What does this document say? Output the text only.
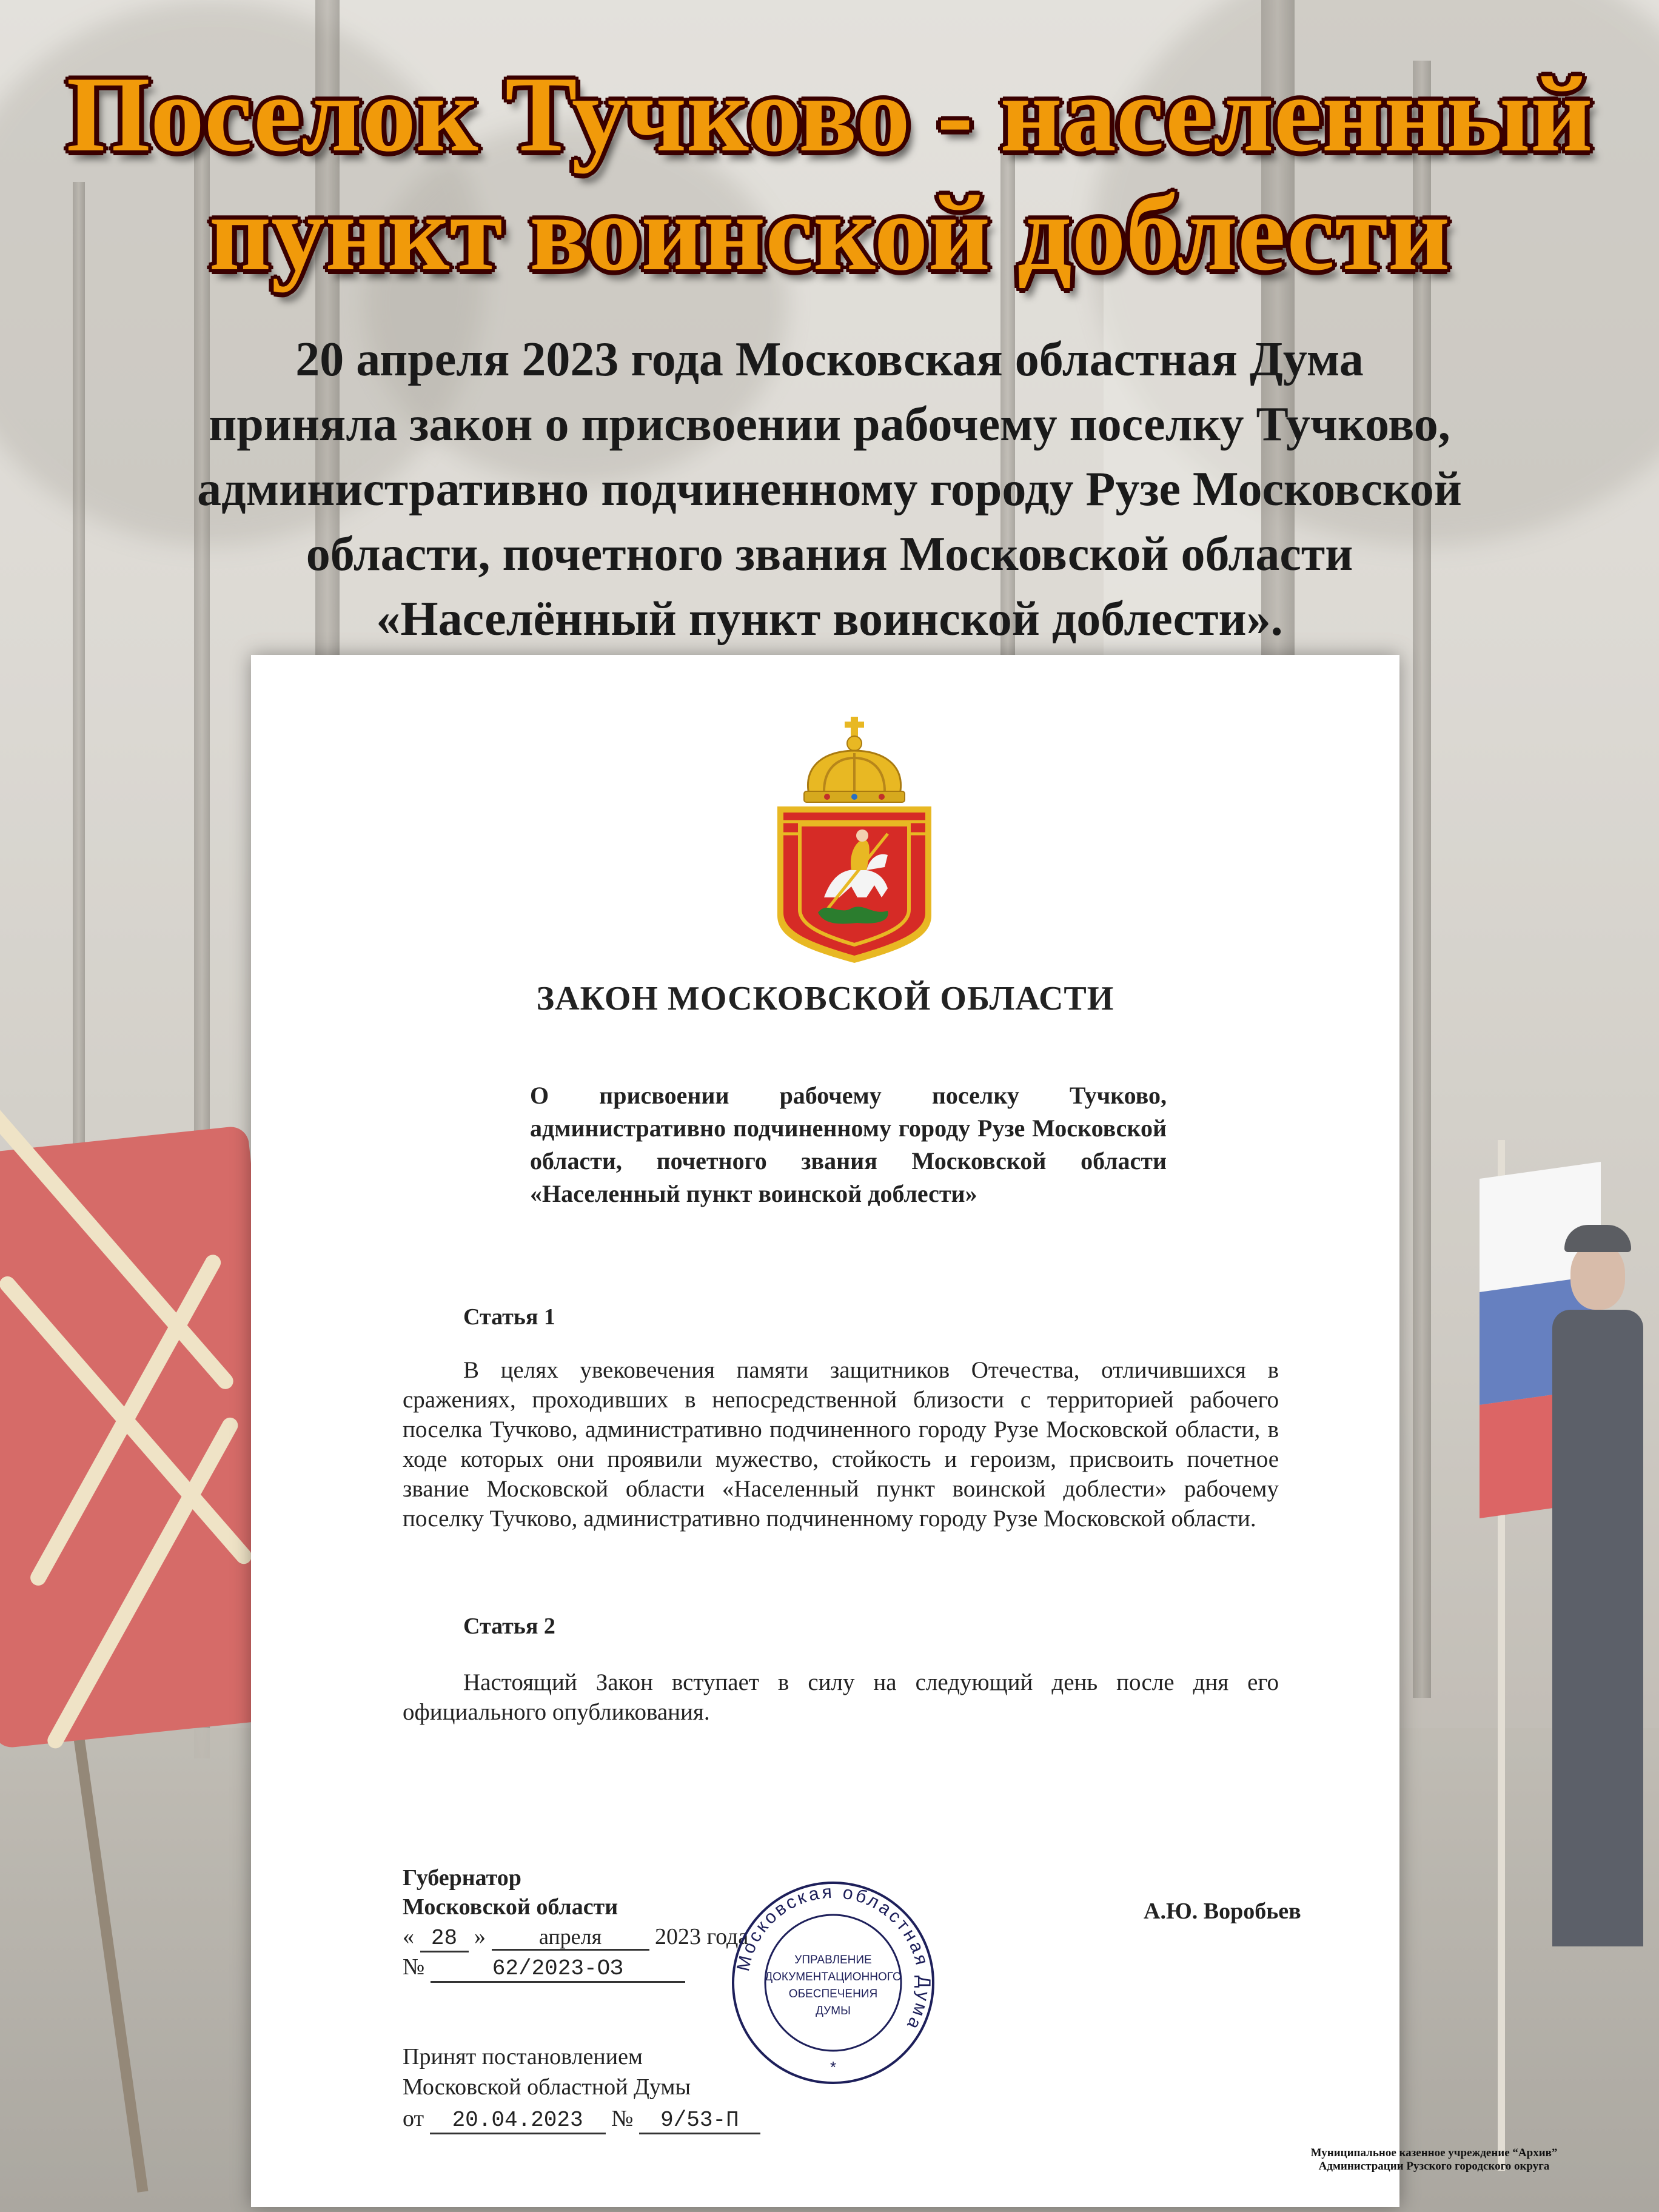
Поселок Тучково - населенный
пункт воинской доблести

20 апреля 2023 года Московская областная Дума
приняла закон о присвоении рабочему поселку Тучково,
административно подчиненному городу Рузе Московской
области, почетного звания Московской области
«Населённый пункт воинской доблести».

ЗАКОН МОСКОВСКОЙ ОБЛАСТИ
О присвоении рабочему поселку Тучково, административно подчиненному городу Рузе Московской области, почетного звания Московской области «Населенный пункт воинской доблести»
Статья 1
В целях увековечения памяти защитников Отечества, отличившихся в сражениях, проходивших в непосредственной близости с территорией рабочего поселка Тучково, административно подчиненного городу Рузе Московской области, в ходе которых они проявили мужество, стойкость и героизм, присвоить почетное звание Московской области «Населенный пункт воинской доблести» рабочему поселку Тучково, административно подчиненному городу Рузе Московской области.
Статья 2
Настоящий Закон вступает в силу на следующий день после дня его официального опубликования.
Губернатор
Московской области	А.Ю. Воробьев
« 28 » апреля 2023 года
№	62/2023-ОЗ
Принят постановлением
Московской областной Думы
от 20.04.2023 № 9/53-П
Московская областная Дума
УПРАВЛЕНИЕ
ДОКУМЕНТАЦИОННОГО
ОБЕСПЕЧЕНИЯ
ДУМЫ
*
Муниципальное казенное учреждение “Архив”
Администрации Рузского городского округа
